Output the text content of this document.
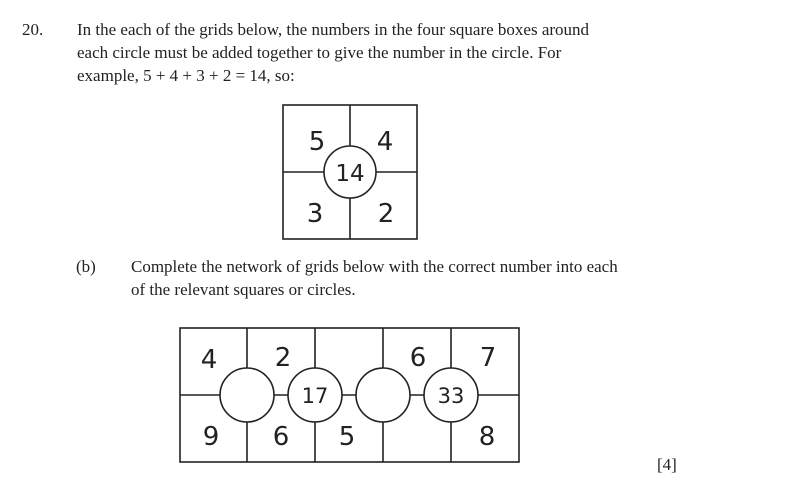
20. In the each of the grids below, the numbers in the four square boxes around
each circle must be added together to give the number in the circle. For
example, 5 + 4 + 3 + 2 = 14, so:
5 4
3 2
14
4 2	6 7
9 6 5	8
17	33
(b) Complete the network of grids below with the correct number into each
of the relevant squares or circles.
[4]
